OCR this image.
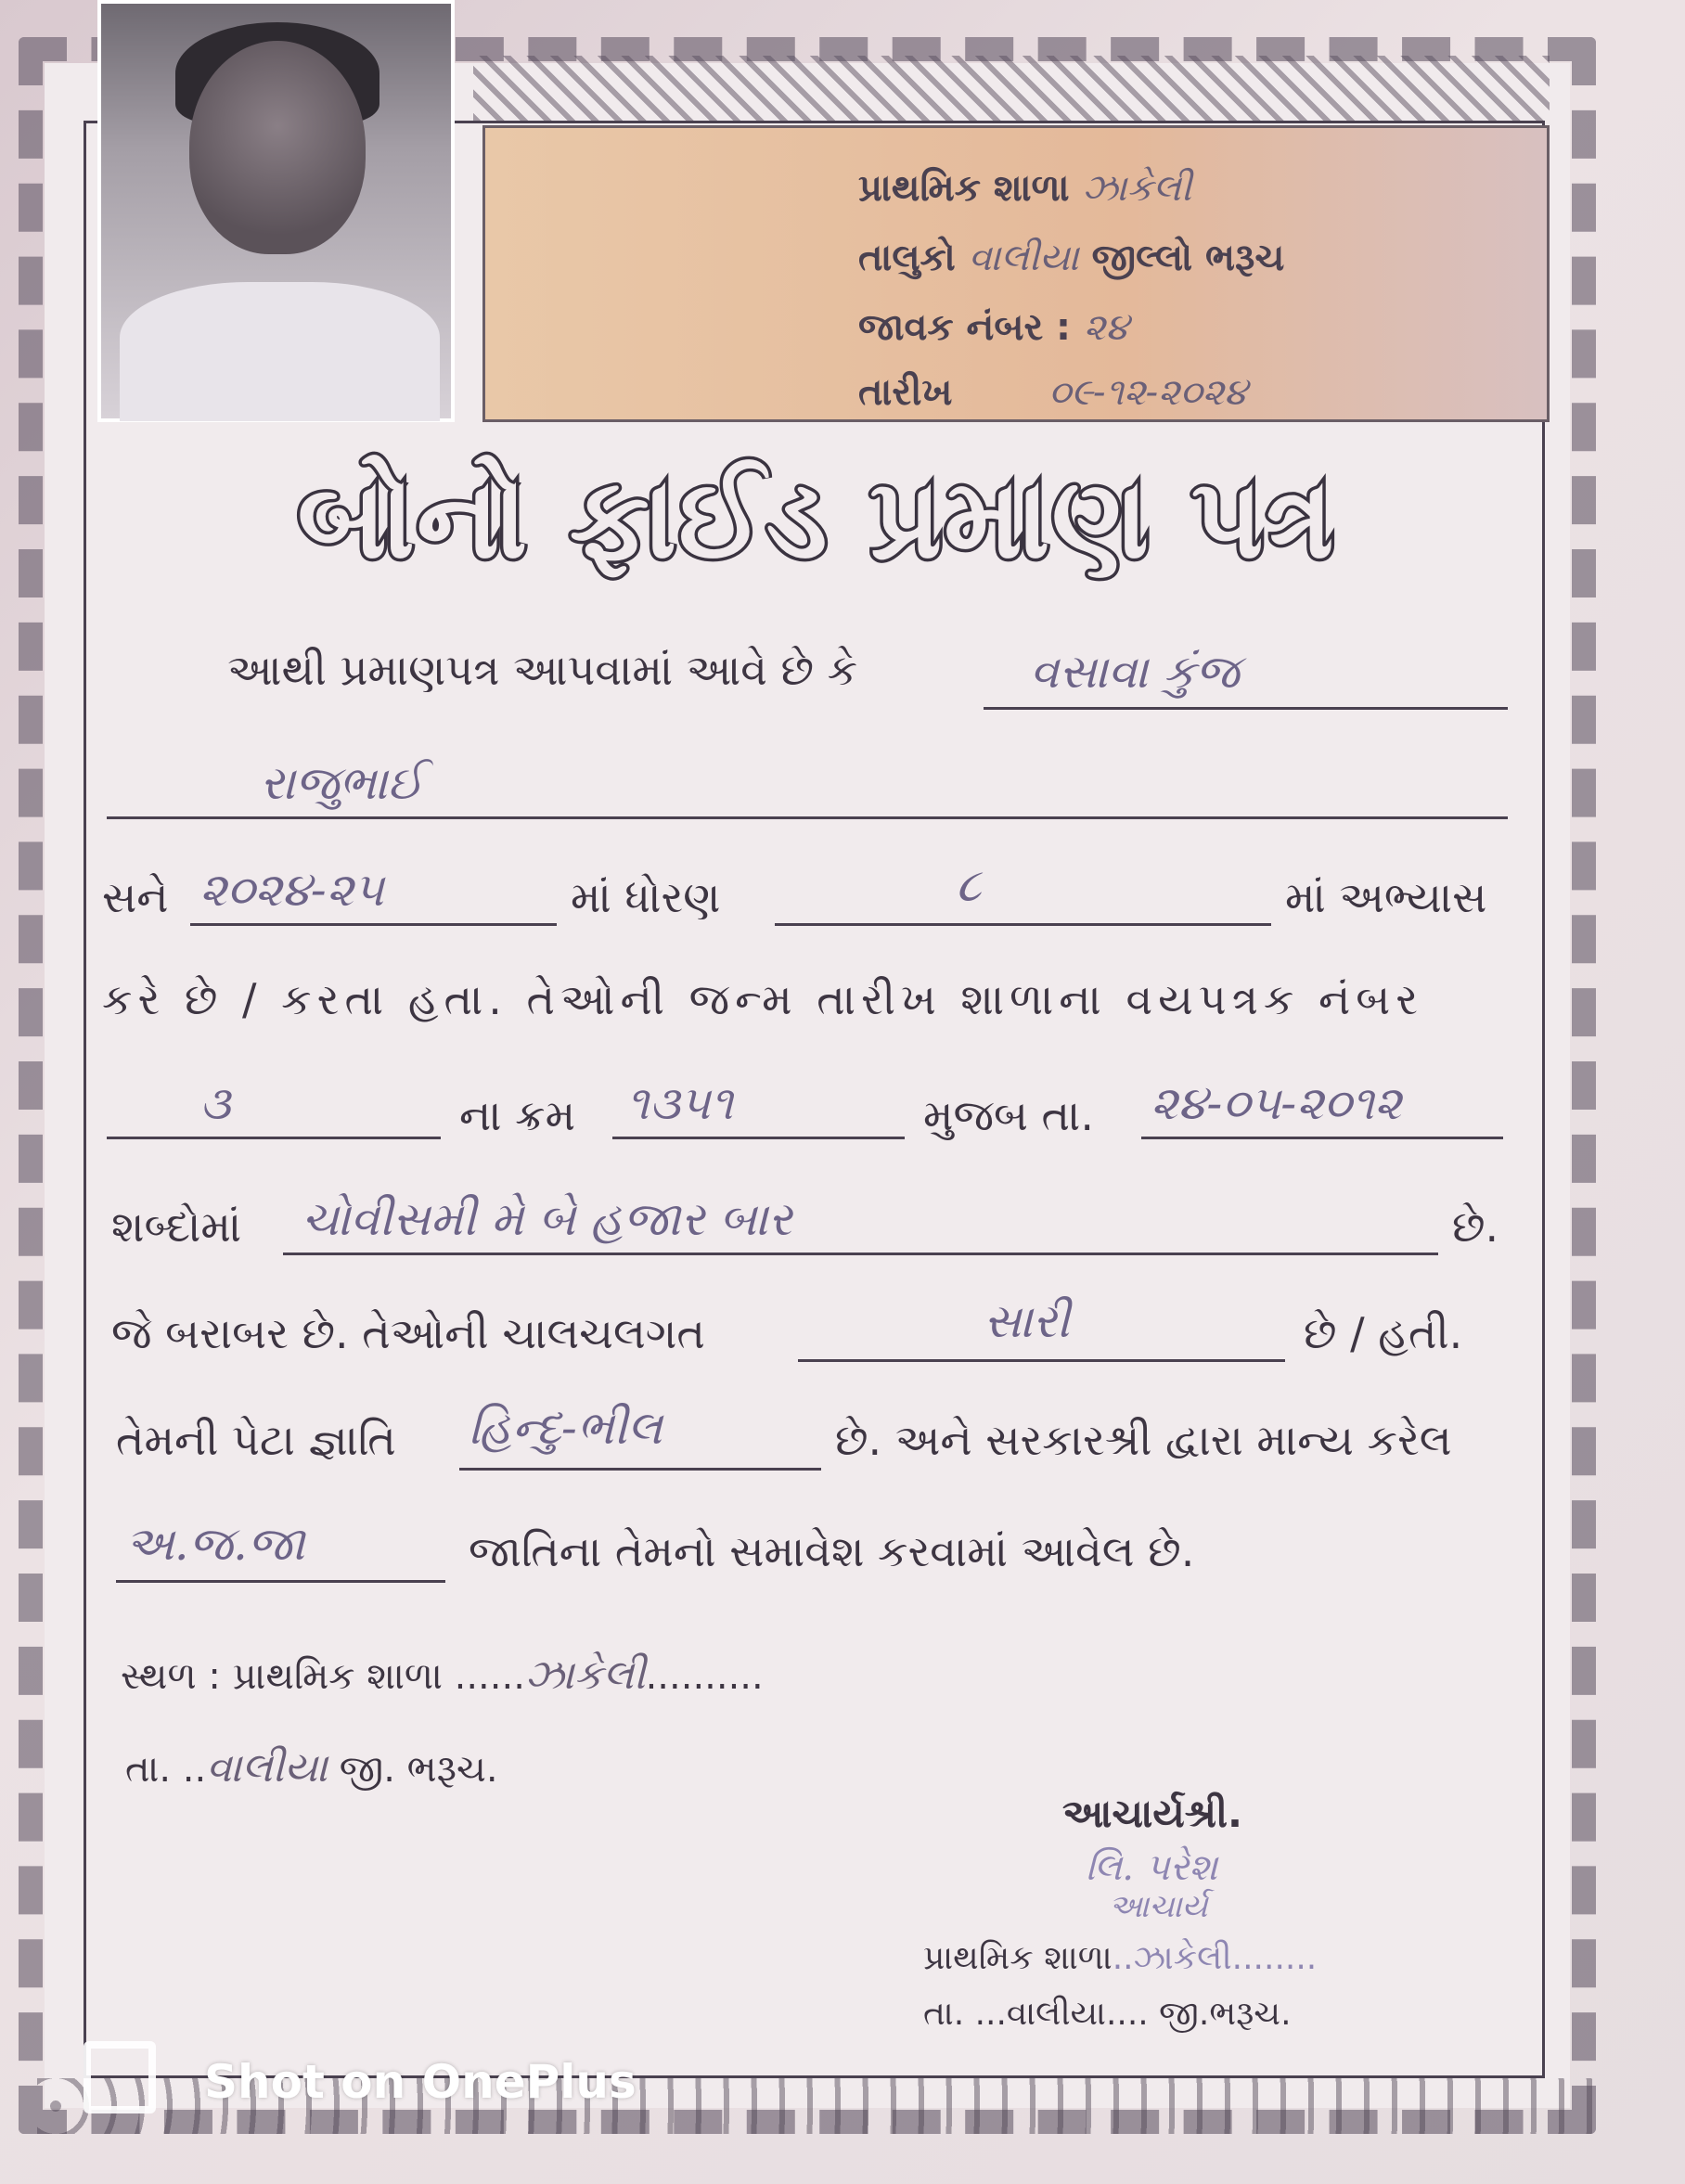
પ્રાથમિક શાળા ઝાકેલી
તાલુકો વાલીયા જીલ્લો ભરૂચ
જાવક નંબર : ૨૪
તારીખ	૦૯-૧૨-૨૦૨૪
બોનો ફાઈડ પ્રમાણ પત્ર
આથી પ્રમાણપત્ર આપવામાં આવે છે કે	વસાવા કુંજ
રાજુભાઈ
સને ૨૦૨૪-૨૫	માં ધોરણ	૮	માં અભ્યાસ
કરે છે / કરતા હતા. તેઓની જન્મ તારીખ શાળાના વયપત્રક નંબર
૩	ના ક્રમ ૧૩૫૧	મુજબ તા. ૨૪-૦૫-૨૦૧૨
શબ્દોમાં ચોવીસમી મે બે હજાર બાર	છે.
જે બરાબર છે. તેઓની ચાલચલગત	સારી	છે / હતી.
તેમની પેટા જ્ઞાતિ હિન્દુ-ભીલ	છે. અને સરકારશ્રી દ્વારા માન્ય કરેલ
અ.જ.જા	જાતિના તેમનો સમાવેશ કરવામાં આવેલ છે.
સ્થળ : પ્રાથમિક શાળા ......ઝાકેલી..........
તા. ..વાલીયા જી. ભરૂચ.
આચાર્યશ્રી.
લિ. પરેશ
આચાર્ય
પ્રાથમિક શાળા..ઝાકેલી........
તા. ...વાલીયા.... જી.ભરૂચ.
Shot on OnePlus
